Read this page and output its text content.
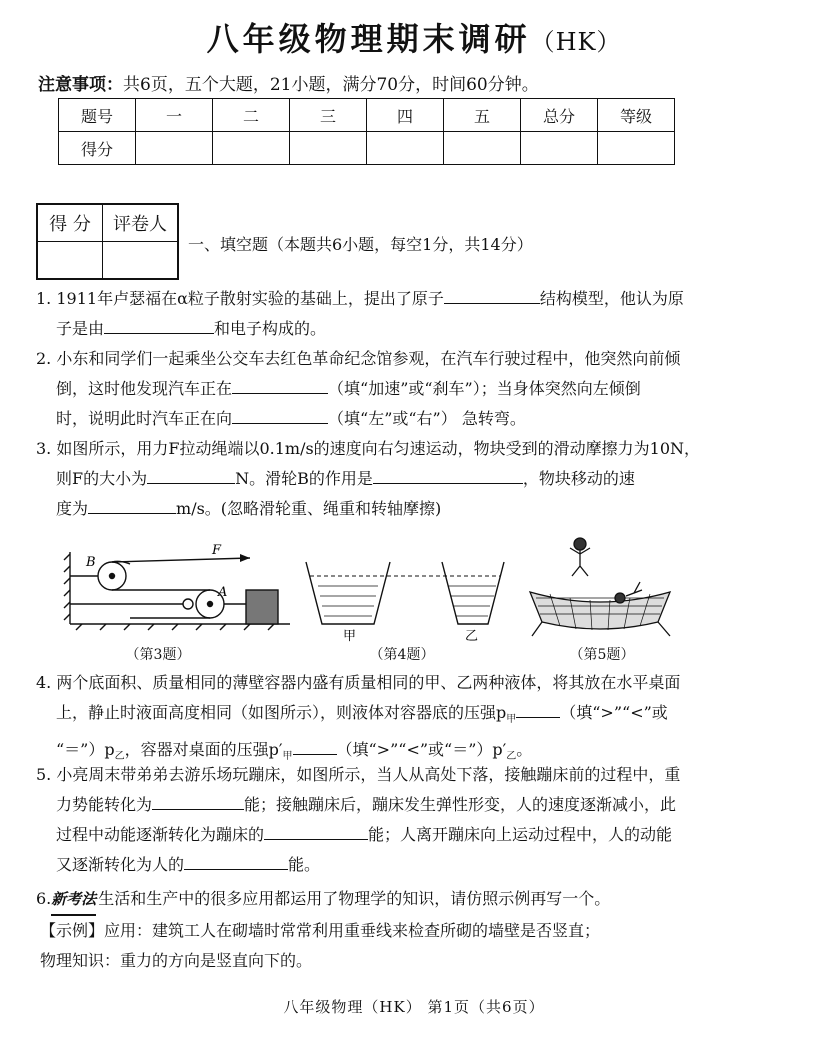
八年级物理期末调研（HK）
注意事项：共6页，五个大题，21小题，满分70分，时间60分钟。
题号	一	二	三	四	五	总分	等级
得分							
得 分	评卷人

一、填空题（本题共6小题，每空1分，共14分）
1. 1911年卢瑟福在α粒子散射实验的基础上，提出了原子	结构模型，他认为原
子是由	和电子构成的。
2. 小东和同学们一起乘坐公交车去红色革命纪念馆参观，在汽车行驶过程中，他突然向前倾
倒，这时他发现汽车正在	（填“加速”或“刹车”）；当身体突然向左倾倒
时，说明此时汽车正在向	（填“左”或“右”） 急转弯。
3. 如图所示，用力F拉动绳端以0.1m/s的速度向右匀速运动，物块受到的滑动摩擦力为10N，
则F的大小为	N。滑轮B的作用是	，物块移动的速
度为	m/s。(忽略滑轮重、绳重和转轴摩擦)
B
A
F
甲	乙
（第3题）	（第4题）	（第5题）
4. 两个底面积、质量相同的薄壁容器内盛有质量相同的甲、乙两种液体，将其放在水平桌面
上，静止时液面高度相同（如图所示），则液体对容器底的压强$p_甲$	（填“>”“<”或
“$=”)p_乙$，容器对桌面的压强$p'_甲$	（填“>”“<”或“$=”)p'_乙$。
5. 小亮周末带弟弟去游乐场玩蹦床，如图所示，当人从高处下落，接触蹦床前的过程中，重
力势能转化为	能；接触蹦床后，蹦床发生弹性形变，人的速度逐渐减小，此
过程中动能逐渐转化为蹦床的	能；人离开蹦床向上运动过程中，人的动能
又逐渐转化为人的	能。
6.新考法 生活和生产中的很多应用都运用了物理学的知识，请仿照示例再写一个。
【示例】应用：建筑工人在砌墙时常常利用重垂线来检查所砌的墙壁是否竖直；
物理知识：重力的方向是竖直向下的。
八年级物理（HK） 第1页（共6页）
